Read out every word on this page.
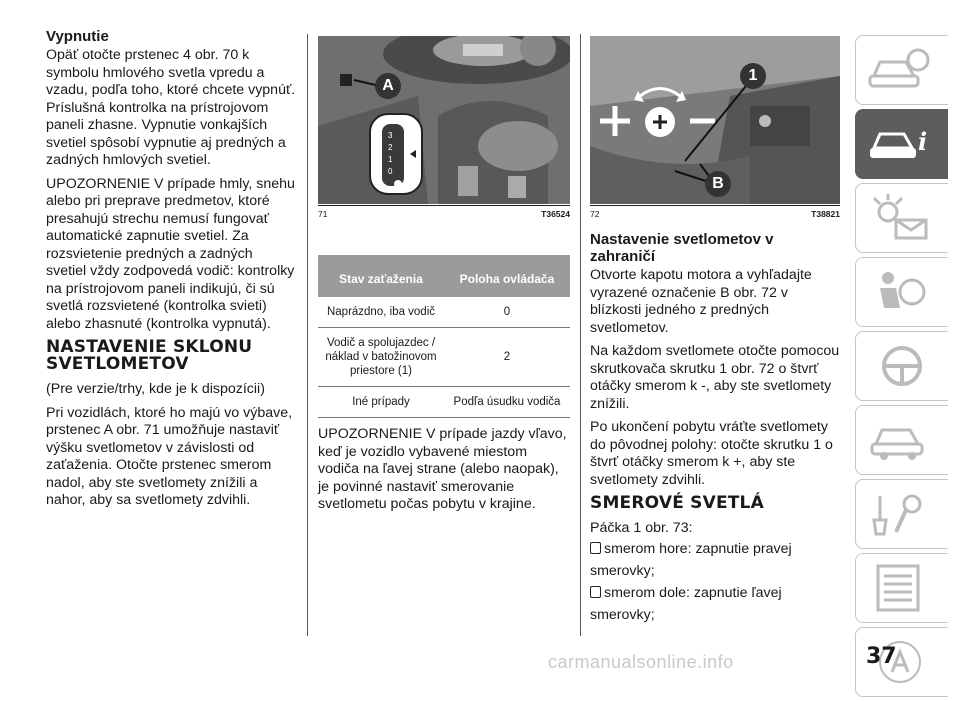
Vypnutie

Opäť otočte prstenec 4 obr. 70 k symbolu hmlového svetla vpredu a vzadu, podľa toho, ktoré chcete vypnúť. Príslušná kontrolka na prístrojovom paneli zhasne. Vypnutie vonkajších svetiel spôsobí vypnutie aj predných a zadných hmlových svetiel.

UPOZORNENIE V prípade hmly, snehu alebo pri preprave predmetov, ktoré presahujú strechu nemusí fungovať automatické zapnutie svetiel. Za rozsvietenie predných a zadných svetiel vždy zodpovedá vodič: kontrolky na prístrojovom paneli indikujú, či sú svetlá rozsvietené (kontrolka svieti) alebo zhasnuté (kontrolka vypnutá).

NASTAVENIE SKLONU
SVETLOMETOV

(Pre verzie/trhy, kde je k dispozícii)

Pri vozidlách, ktoré ho majú vo výbave, prstenec A obr. 71 umožňuje nastaviť výšku svetlometov v závislosti od zaťaženia. Otočte prstenec smerom nadol, aby ste svetlomety znížili a nahor, aby sa svetlomety zdvihli.

3
2
1
0
A
71	T36524
Stav zaťaženia	Poloha ovládača
Naprázdno, iba vodič	0
Vodič a spolujazdec / náklad v batožinovom priestore (1)	2
Iné prípady	Podľa úsudku vodiča

UPOZORNENIE V prípade jazdy vľavo, keď je vozidlo vybavené miestom vodiča na ľavej strane (alebo naopak), je povinné nastaviť smerovanie svetlometu počas pobytu v krajine.

1
B
72	T38821
Nastavenie svetlometov v zahraničí

Otvorte kapotu motora a vyhľadajte vyrazené označenie B obr. 72 v blízkosti jedného z predných svetlometov.

Na každom svetlomete otočte pomocou skrutkovača skrutku 1 obr. 72 o štvrť otáčky smerom k -, aby ste svetlomety znížili.

Po ukončení pobytu vráťte svetlomety do pôvodnej polohy: otočte skrutku 1 o štvrť otáčky smerom k +, aby ste svetlomety zdvihli.

SMEROVÉ SVETLÁ

Páčka 1 obr. 73:

smerom hore: zapnutie pravej
smerovky;
smerom dole: zapnutie ľavej
smerovky;
i
37
carmanualsonline.info
